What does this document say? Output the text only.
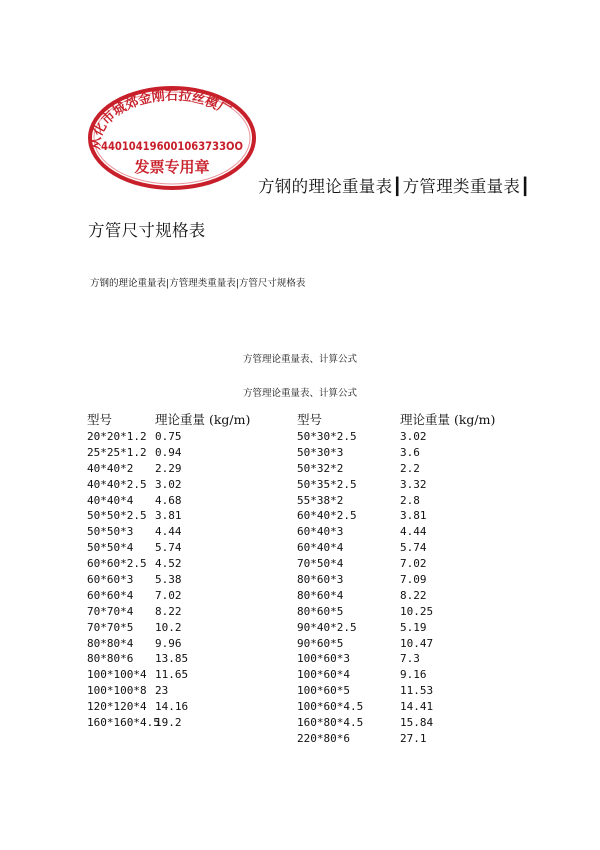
从化市城郊金刚石拉丝模厂
440104196001063733OO
发票专用章
方钢的理论重量表┃方管理类重量表┃
方管尺寸规格表
方钢的理论重量表|方管理类重量表|方管尺寸规格表
方管理论重量表、计算公式
方管理论重量表、计算公式
型号
20*20*1.2
25*25*1.2
40*40*2
40*40*2.5
40*40*4
50*50*2.5
50*50*3
50*50*4
60*60*2.5
60*60*3
60*60*4
70*70*4
70*70*5
80*80*4
80*80*6
100*100*4
100*100*8
120*120*4
160*160*4.5
理论重量 (kg/m)
0.75
0.94
2.29
3.02
4.68
3.81
4.44
5.74
4.52
5.38
7.02
8.22
10.2
9.96
13.85
11.65
23
14.16
19.2
型号
50*30*2.5
50*30*3
50*32*2
50*35*2.5
55*38*2
60*40*2.5
60*40*3
60*40*4
70*50*4
80*60*3
80*60*4
80*60*5
90*40*2.5
90*60*5
100*60*3
100*60*4
100*60*5
100*60*4.5
160*80*4.5
220*80*6
理论重量 (kg/m)
3.02
3.6
2.2
3.32
2.8
3.81
4.44
5.74
7.02
7.09
8.22
10.25
5.19
10.47
7.3
9.16
11.53
14.41
15.84
27.1
